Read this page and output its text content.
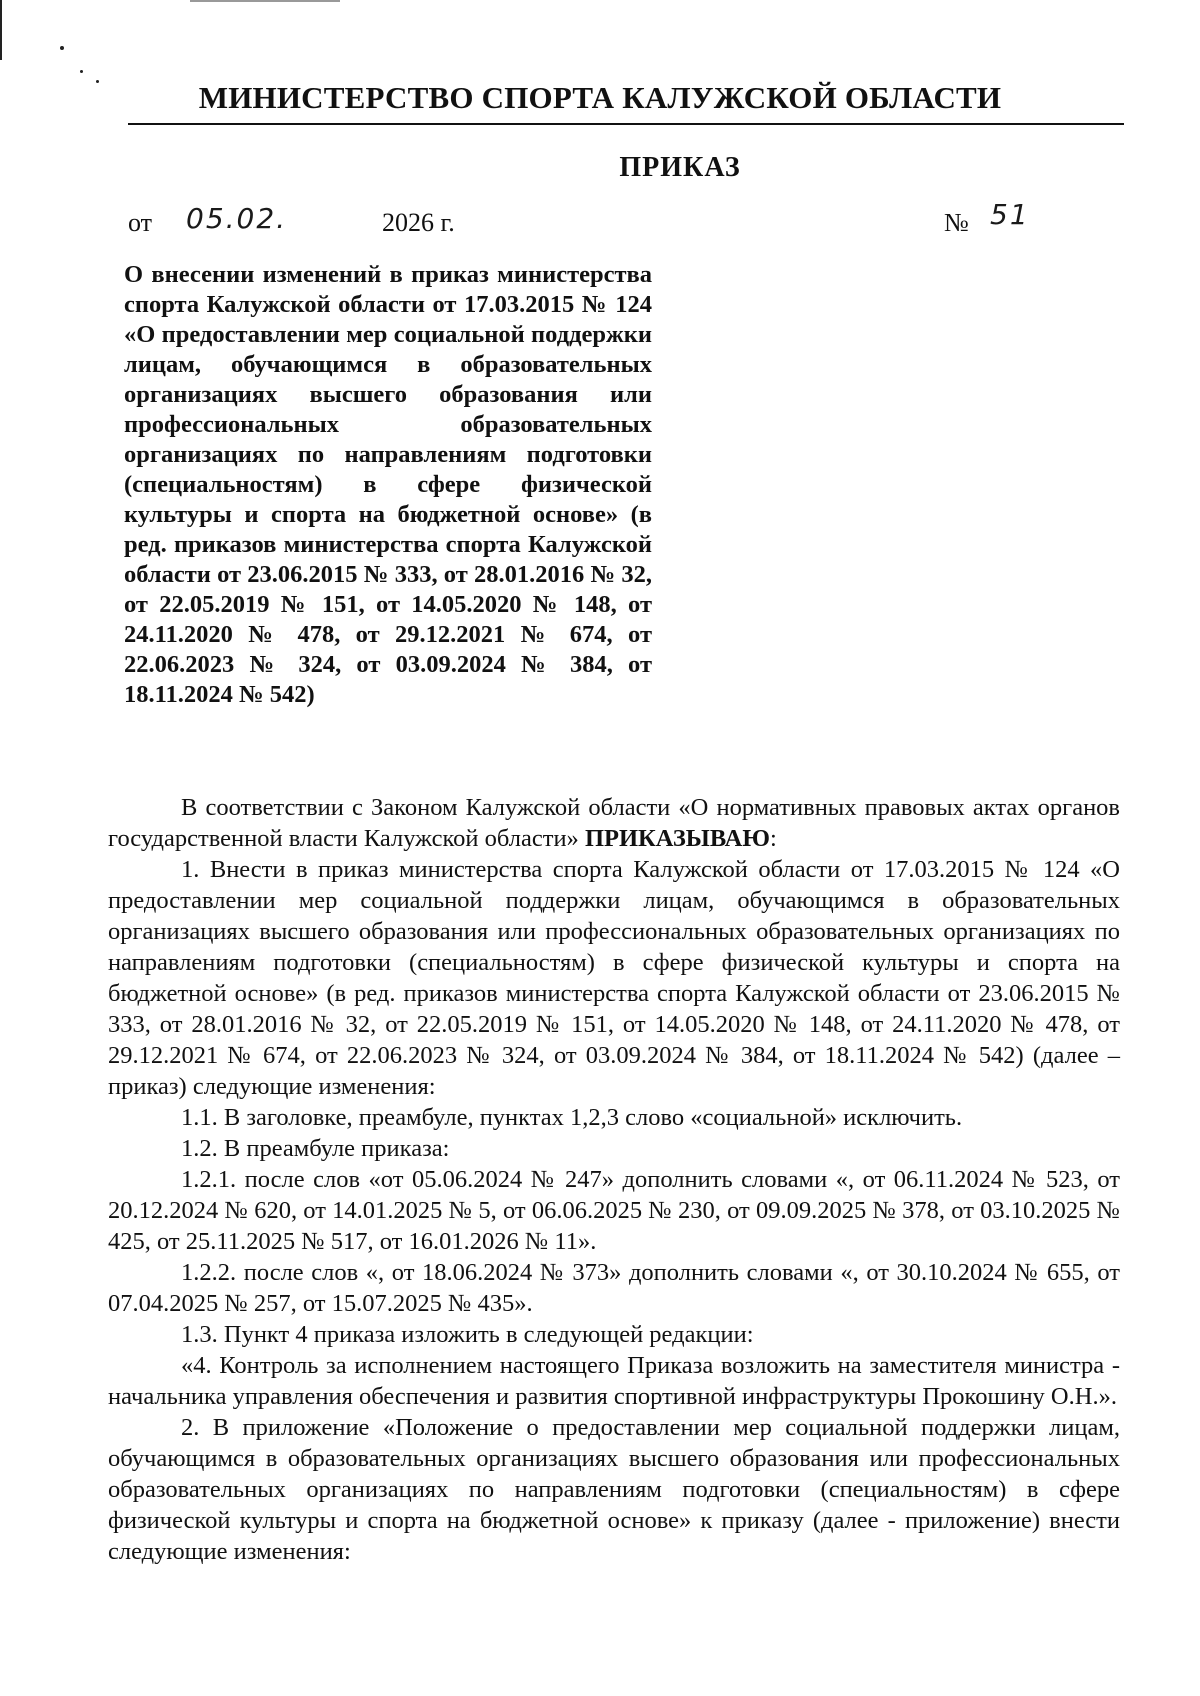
МИНИСТЕРСТВО СПОРТА КАЛУЖСКОЙ ОБЛАСТИ
ПРИКАЗ
от 05.02.	2026 г.	№ 51
О внесении изменений в приказ министерства спорта Калужской области от 17.03.2015 № 124 «О предоставлении мер социальной поддержки лицам, обучающимся в образовательных организациях высшего образования или профессиональных образовательных организациях по направлениям подготовки (специальностям) в сфере физической культуры и спорта на бюджетной основе» (в ред. приказов министерства спорта Калужской области от 23.06.2015 № 333, от 28.01.2016 № 32, от 22.05.2019 № 151, от 14.05.2020 № 148, от 24.11.2020 № 478, от 29.12.2021 № 674, от 22.06.2023 № 324, от 03.09.2024 № 384, от 18.11.2024 № 542)

В соответствии с Законом Калужской области «О нормативных правовых актах органов государственной власти Калужской области» ПРИКАЗЫВАЮ:

1. Внести в приказ министерства спорта Калужской области от 17.03.2015 № 124 «О предоставлении мер социальной поддержки лицам, обучающимся в образовательных организациях высшего образования или профессиональных образовательных организациях по направлениям подготовки (специальностям) в сфере физической культуры и спорта на бюджетной основе» (в ред. приказов министерства спорта Калужской области от 23.06.2015 № 333, от 28.01.2016 № 32, от 22.05.2019 № 151, от 14.05.2020 № 148, от 24.11.2020 № 478, от 29.12.2021 № 674, от 22.06.2023 № 324, от 03.09.2024 № 384, от 18.11.2024 № 542) (далее – приказ) следующие изменения:

1.1. В заголовке, преамбуле, пунктах 1,2,3 слово «социальной» исключить.

1.2. В преамбуле приказа:

1.2.1. после слов «от 05.06.2024 № 247» дополнить словами «, от 06.11.2024 № 523, от 20.12.2024 № 620, от 14.01.2025 № 5, от 06.06.2025 № 230, от 09.09.2025 № 378, от 03.10.2025 № 425, от 25.11.2025 № 517, от 16.01.2026 № 11».

1.2.2. после слов «, от 18.06.2024 № 373» дополнить словами «, от 30.10.2024 № 655, от 07.04.2025 № 257, от 15.07.2025 № 435».

1.3. Пункт 4 приказа изложить в следующей редакции:

«4. Контроль за исполнением настоящего Приказа возложить на заместителя министра - начальника управления обеспечения и развития спортивной инфраструктуры Прокошину О.Н.».

2. В приложение «Положение о предоставлении мер социальной поддержки лицам, обучающимся в образовательных организациях высшего образования или профессиональных образовательных организациях по направлениям подготовки (специальностям) в сфере физической культуры и спорта на бюджетной основе» к приказу (далее - приложение) внести следующие изменения:
